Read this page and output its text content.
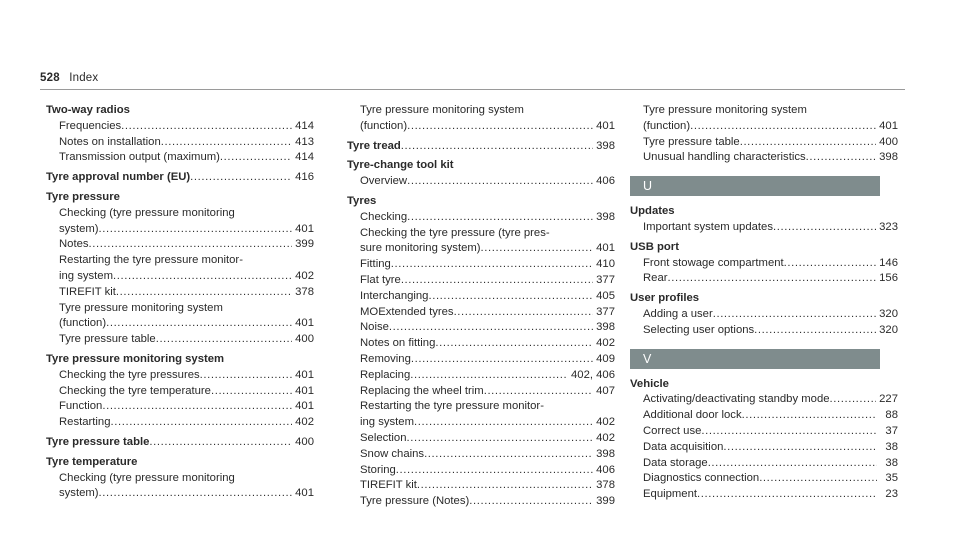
528 Index
Two-way radios
Frequencies .....	414
Notes on installation .....	413
Transmission output (maximum) .....	414
Tyre approval number (EU) .....	416
Tyre pressure
Checking (tyre pressure monitoring
system) .....	401
Notes .....	399
Restarting the tyre pressure monitor-
ing system .....	402
TIREFIT kit .....	378
Tyre pressure monitoring system
(function) .....	401
Tyre pressure table .....	400
Tyre pressure monitoring system
Checking the tyre pressures .....	401
Checking the tyre temperature .....	401
Function .....	401
Restarting .....	402
Tyre pressure table .....	400
Tyre temperature
Checking (tyre pressure monitoring
system) .....	401
Tyre pressure monitoring system
(function) .....	401
Tyre tread .....	398
Tyre-change tool kit
Overview .....	406
Tyres
Checking .....	398
Checking the tyre pressure (tyre pres-
sure monitoring system) .....	401
Fitting .....	410
Flat tyre .....	377
Interchanging .....	405
MOExtended tyres .....	377
Noise .....	398
Notes on fitting .....	402
Removing .....	409
Replacing .....	402, 406
Replacing the wheel trim .....	407
Restarting the tyre pressure monitor-
ing system .....	402
Selection .....	402
Snow chains .....	398
Storing .....	406
TIREFIT kit .....	378
Tyre pressure (Notes) .....	399
Tyre pressure monitoring system
(function) .....	401
Tyre pressure table .....	400
Unusual handling characteristics .....	398
U
Updates
Important system updates .....	323
USB port
Front stowage compartment .....	146
Rear .....	156
User profiles
Adding a user .....	320
Selecting user options .....	320
V
Vehicle
Activating/deactivating standby mode .....	227
Additional door lock .....	88
Correct use .....	37
Data acquisition .....	38
Data storage .....	38
Diagnostics connection .....	35
Equipment .....	23
